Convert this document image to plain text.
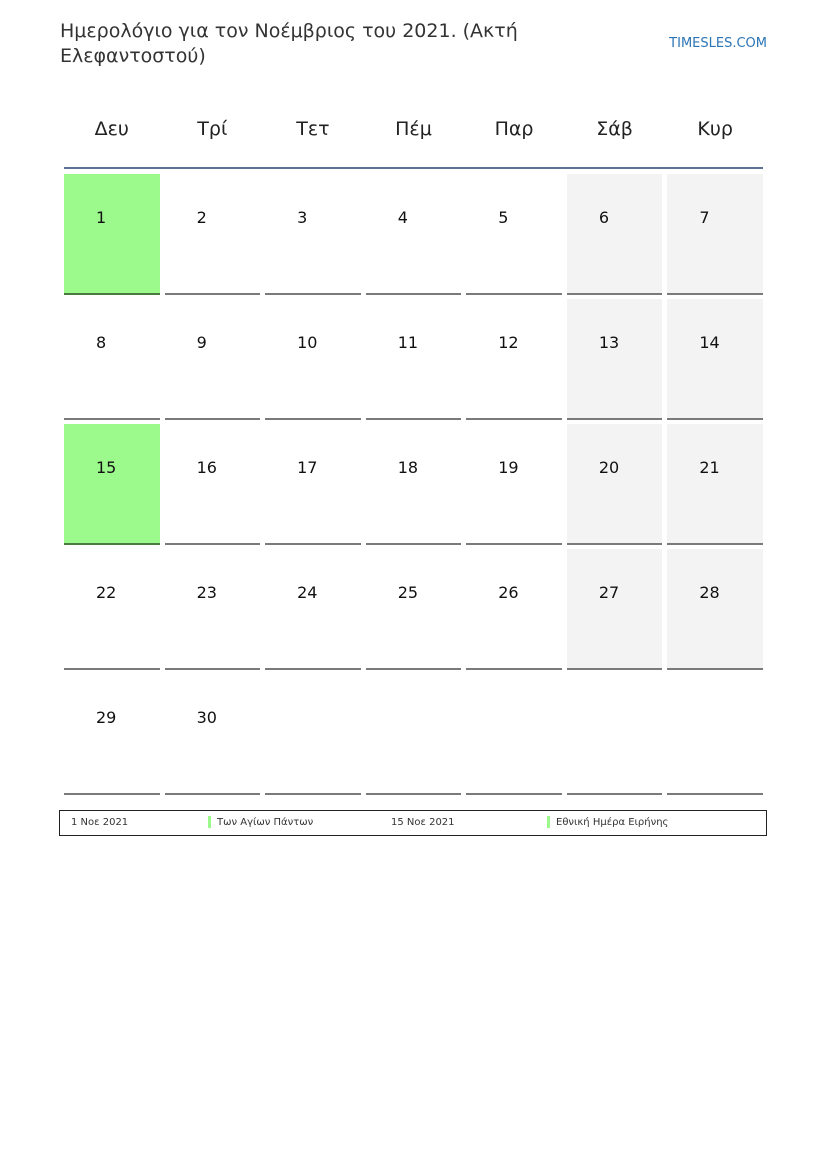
Ημερολόγιο για τον Νοέμβριος του 2021. (Ακτή Ελεφαντοστού)
TIMESLES.COM
Δευ	Τρί	Τετ	Πέμ	Παρ	Σάβ	Κυρ
1	2	3	4	5	6	7
8	9	10	11	12	13	14
15	16	17	18	19	20	21
22	23	24	25	26	27	28
29	30
1 Νοε 2021	Των Αγίων Πάντων	15 Νοε 2021	Εθνική Ημέρα Ειρήνης
